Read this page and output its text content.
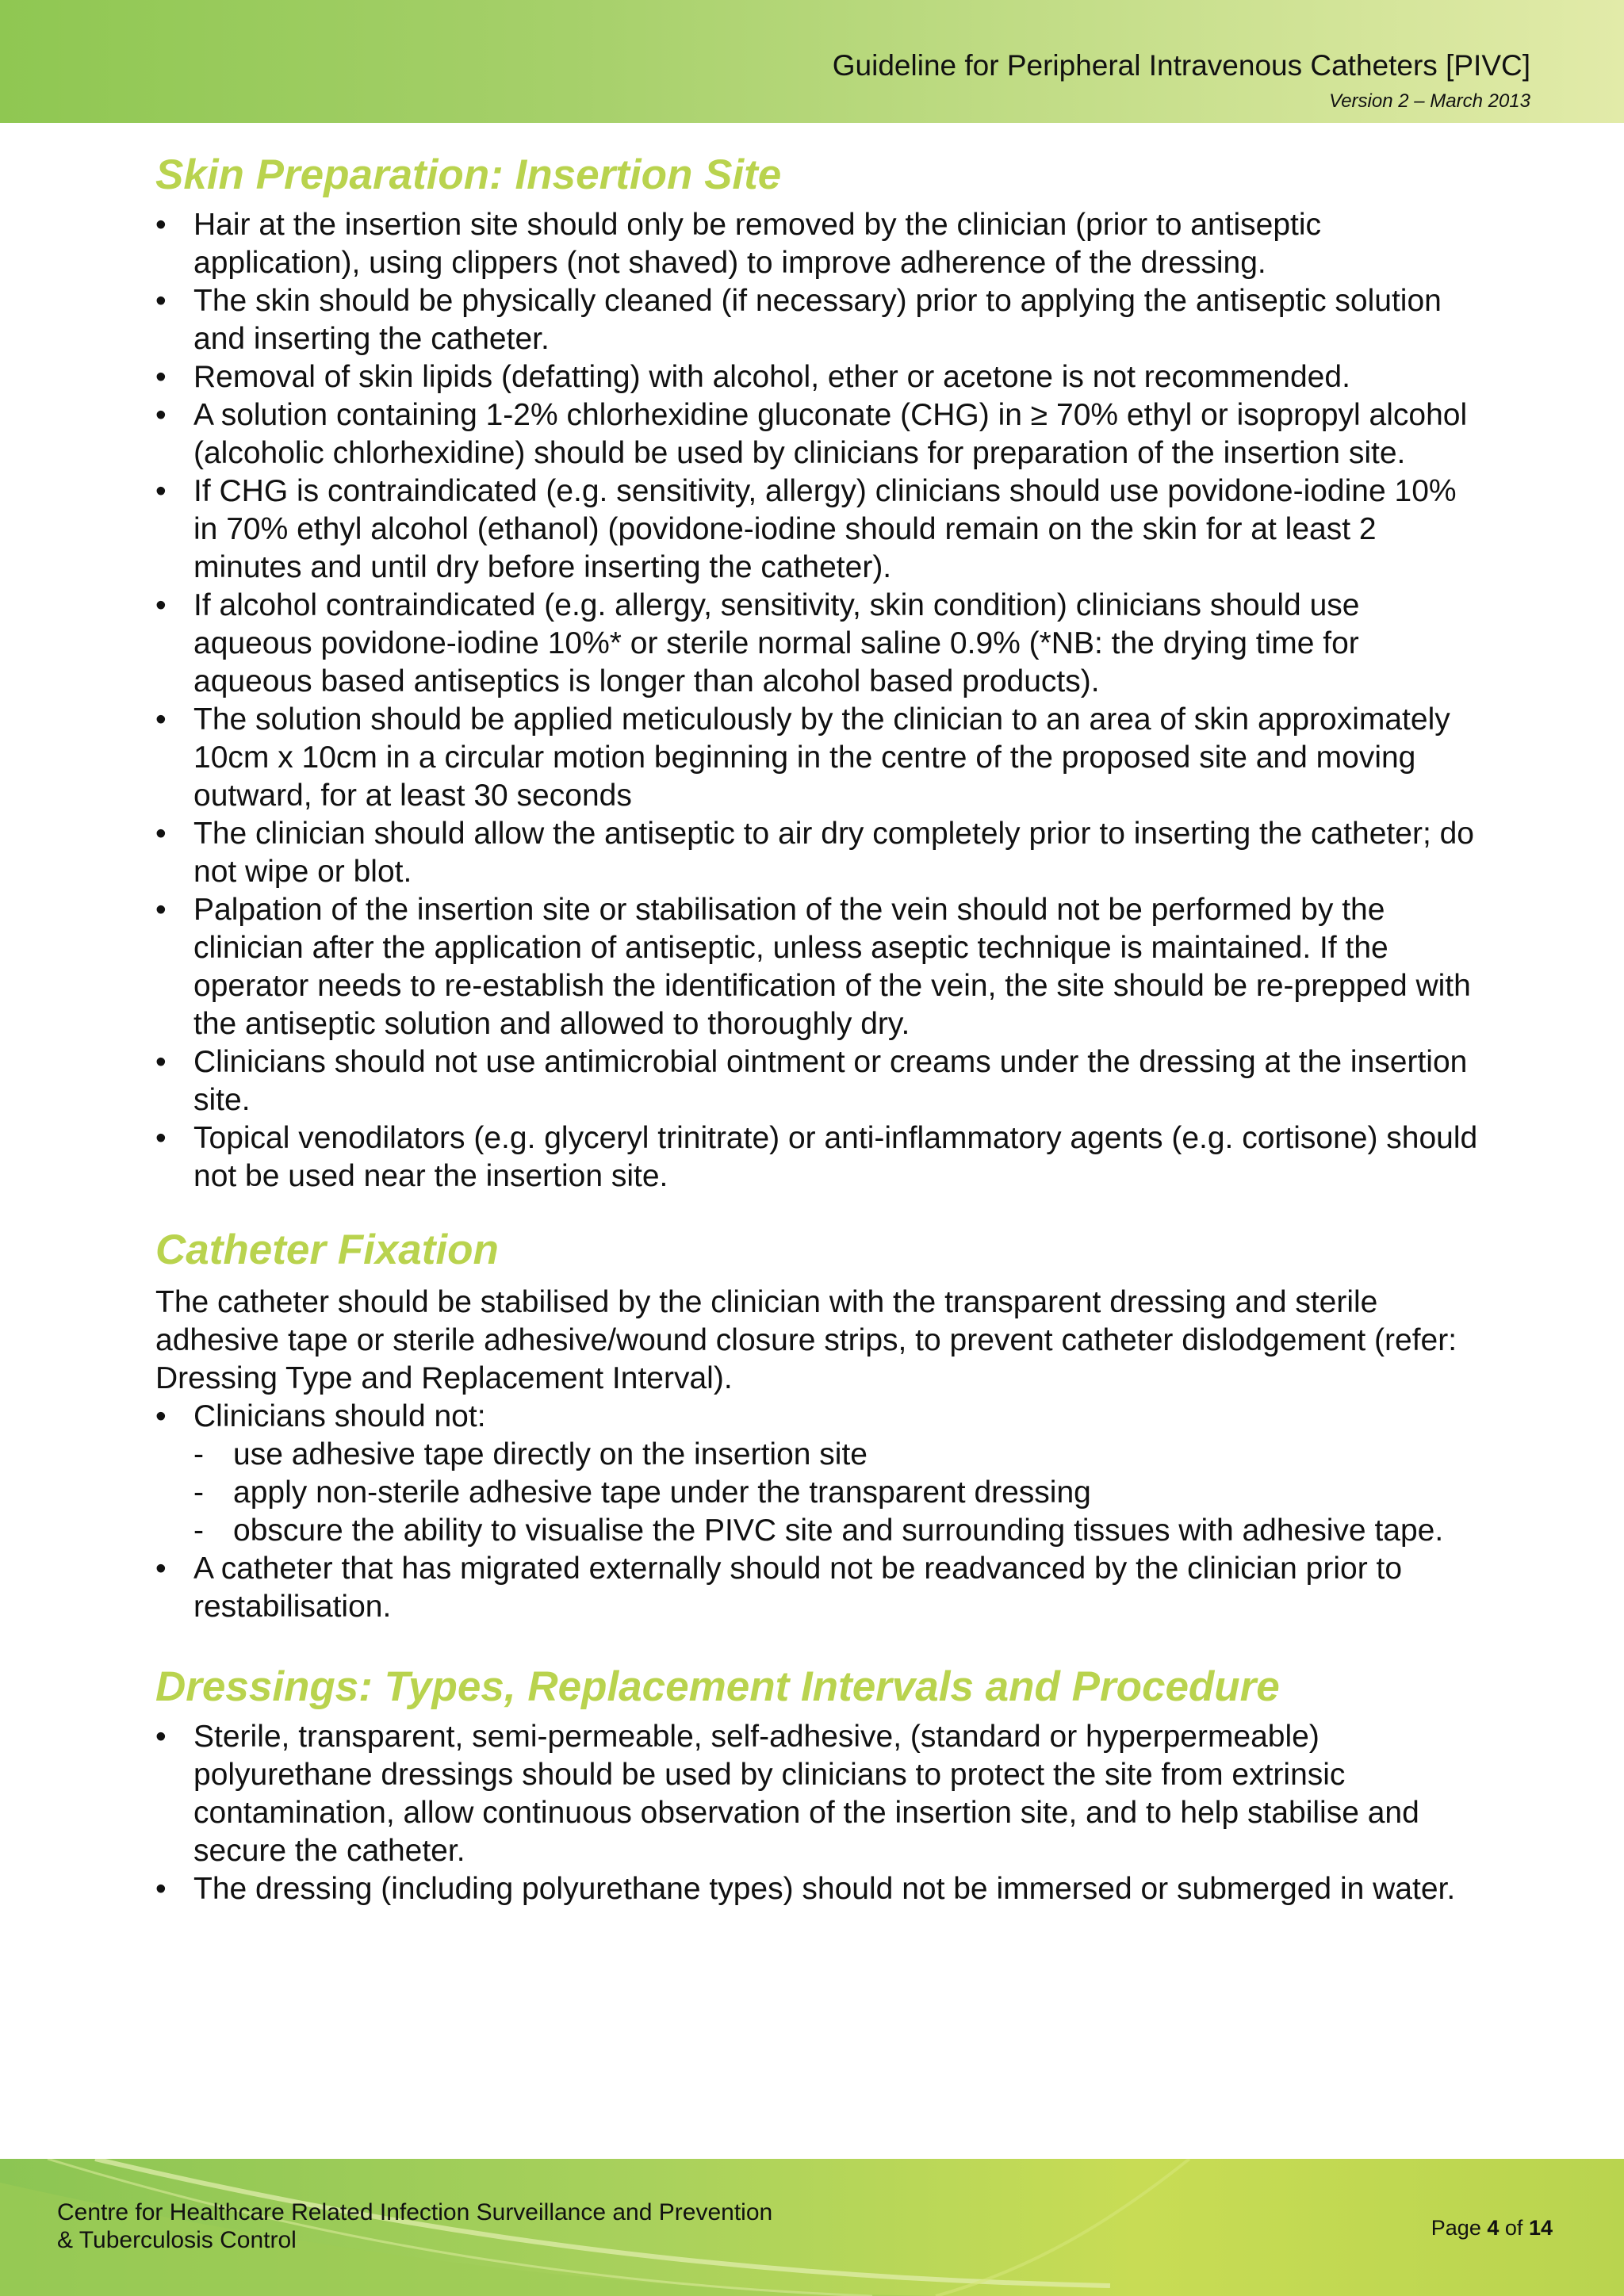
Guideline for Peripheral Intravenous Catheters [PIVC]
Version 2 – March 2013
Skin Preparation: Insertion Site
• Hair at the insertion site should only be removed by the clinician (prior to antiseptic application), using clippers (not shaved) to improve adherence of the dressing.
• The skin should be physically cleaned (if necessary) prior to applying the antiseptic solution and inserting the catheter.
• Removal of skin lipids (defatting) with alcohol, ether or acetone is not recommended.
• A solution containing 1-2% chlorhexidine gluconate (CHG) in ≥ 70% ethyl or isopropyl alcohol (alcoholic chlorhexidine) should be used by clinicians for preparation of the insertion site.
• If CHG is contraindicated (e.g. sensitivity, allergy) clinicians should use povidone-iodine 10% in 70% ethyl alcohol (ethanol) (povidone-iodine should remain on the skin for at least 2 minutes and until dry before inserting the catheter).
• If alcohol contraindicated (e.g. allergy, sensitivity, skin condition) clinicians should use aqueous povidone-iodine 10%* or sterile normal saline 0.9% (*NB: the drying time for aqueous based antiseptics is longer than alcohol based products).
• The solution should be applied meticulously by the clinician to an area of skin approximately 10cm x 10cm in a circular motion beginning in the centre of the proposed site and moving outward, for at least 30 seconds
• The clinician should allow the antiseptic to air dry completely prior to inserting the catheter; do not wipe or blot.
• Palpation of the insertion site or stabilisation of the vein should not be performed by the clinician after the application of antiseptic, unless aseptic technique is maintained. If the operator needs to re-establish the identification of the vein, the site should be re-prepped with the antiseptic solution and allowed to thoroughly dry.
• Clinicians should not use antimicrobial ointment or creams under the dressing at the insertion site.
• Topical venodilators (e.g. glyceryl trinitrate) or anti-inflammatory agents (e.g. cortisone) should not be used near the insertion site.
Catheter Fixation

The catheter should be stabilised by the clinician with the transparent dressing and sterile adhesive tape or sterile adhesive/wound closure strips, to prevent catheter dislodgement (refer: Dressing Type and Replacement Interval).

• Clinicians should not:
- use adhesive tape directly on the insertion site
- apply non-sterile adhesive tape under the transparent dressing
- obscure the ability to visualise the PIVC site and surrounding tissues with adhesive tape.
• A catheter that has migrated externally should not be readvanced by the clinician prior to restabilisation.
Dressings: Types, Replacement Intervals and Procedure
• Sterile, transparent, semi-permeable, self-adhesive, (standard or hyperpermeable) polyurethane dressings should be used by clinicians to protect the site from extrinsic contamination, allow continuous observation of the insertion site, and to help stabilise and secure the catheter.
• The dressing (including polyurethane types) should not be immersed or submerged in water.
Centre for Healthcare Related Infection Surveillance and Prevention
& Tuberculosis Control	Page 4 of 14
